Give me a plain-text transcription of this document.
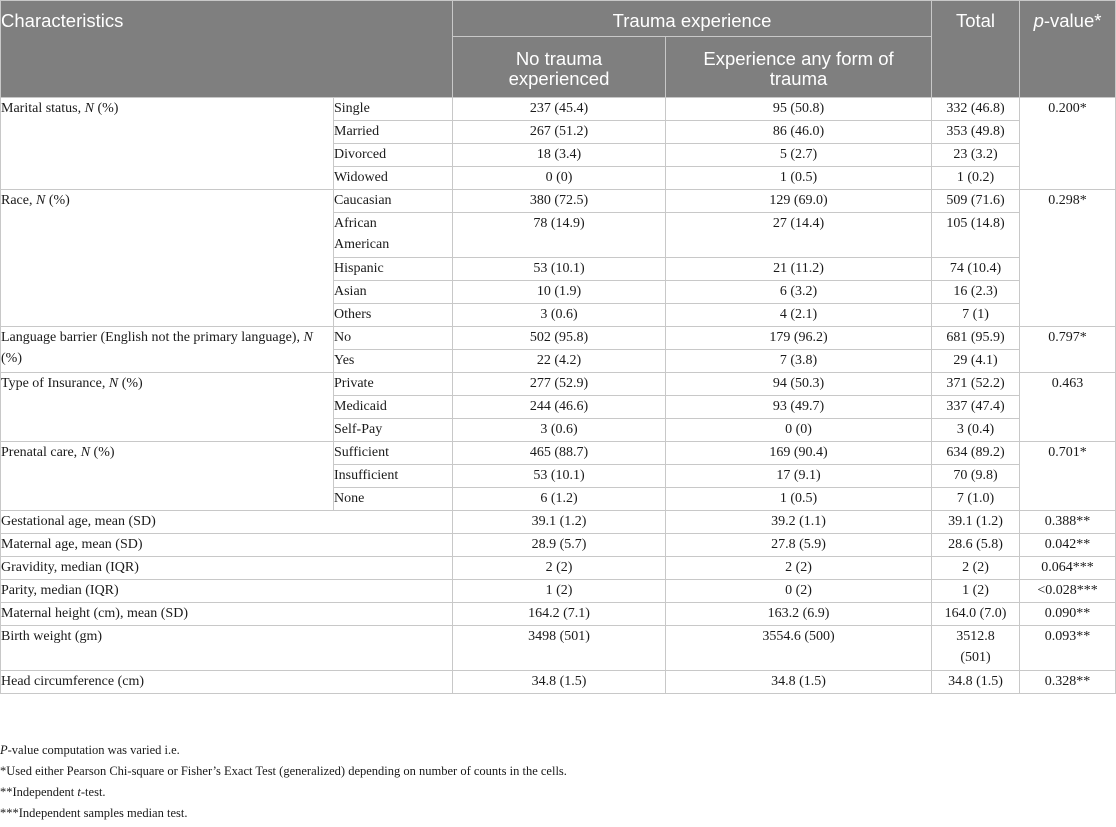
Characteristics		Trauma experience		Total	p-value*
		No trauma experienced	Experience any form of trauma		
Marital status, N (%)	Single	237 (45.4)	95 (50.8)	332 (46.8)	0.200*
	Married	267 (51.2)	86 (46.0)	353 (49.8)	
	Divorced	18 (3.4)	5 (2.7)	23 (3.2)	
	Widowed	0 (0)	1 (0.5)	1 (0.2)	
Race, N (%)	Caucasian	380 (72.5)	129 (69.0)	509 (71.6)	0.298*
	African American	78 (14.9)	27 (14.4)	105 (14.8)	
	Hispanic	53 (10.1)	21 (11.2)	74 (10.4)	
	Asian	10 (1.9)	6 (3.2)	16 (2.3)	
	Others	3 (0.6)	4 (2.1)	7 (1)	
Language barrier (English not the primary language), N (%)	No	502 (95.8)	179 (96.2)	681 (95.9)	0.797*
	Yes	22 (4.2)	7 (3.8)	29 (4.1)	
Type of Insurance, N (%)	Private	277 (52.9)	94 (50.3)	371 (52.2)	0.463
	Medicaid	244 (46.6)	93 (49.7)	337 (47.4)	
	Self-Pay	3 (0.6)	0 (0)	3 (0.4)	
Prenatal care, N (%)	Sufficient	465 (88.7)	169 (90.4)	634 (89.2)	0.701*
	Insufficient	53 (10.1)	17 (9.1)	70 (9.8)	
	None	6 (1.2)	1 (0.5)	7 (1.0)	
Gestational age, mean (SD)		39.1 (1.2)	39.2 (1.1)	39.1 (1.2)	0.388**
Maternal age, mean (SD)		28.9 (5.7)	27.8 (5.9)	28.6 (5.8)	0.042**
Gravidity, median (IQR)		2 (2)	2 (2)	2 (2)	0.064***
Parity, median (IQR)		1 (2)	0 (2)	1 (2)	<0.028***
Maternal height (cm), mean (SD)		164.2 (7.1)	163.2 (6.9)	164.0 (7.0)	0.090**
Birth weight (gm)		3498 (501)	3554.6 (500)	3512.8 (501)	0.093**
Head circumference (cm)		34.8 (1.5)	34.8 (1.5)	34.8 (1.5)	0.328**
P-value computation was varied i.e.
*Used either Pearson Chi-square or Fisher’s Exact Test (generalized) depending on number of counts in the cells.
**Independent t-test.
***Independent samples median test.
